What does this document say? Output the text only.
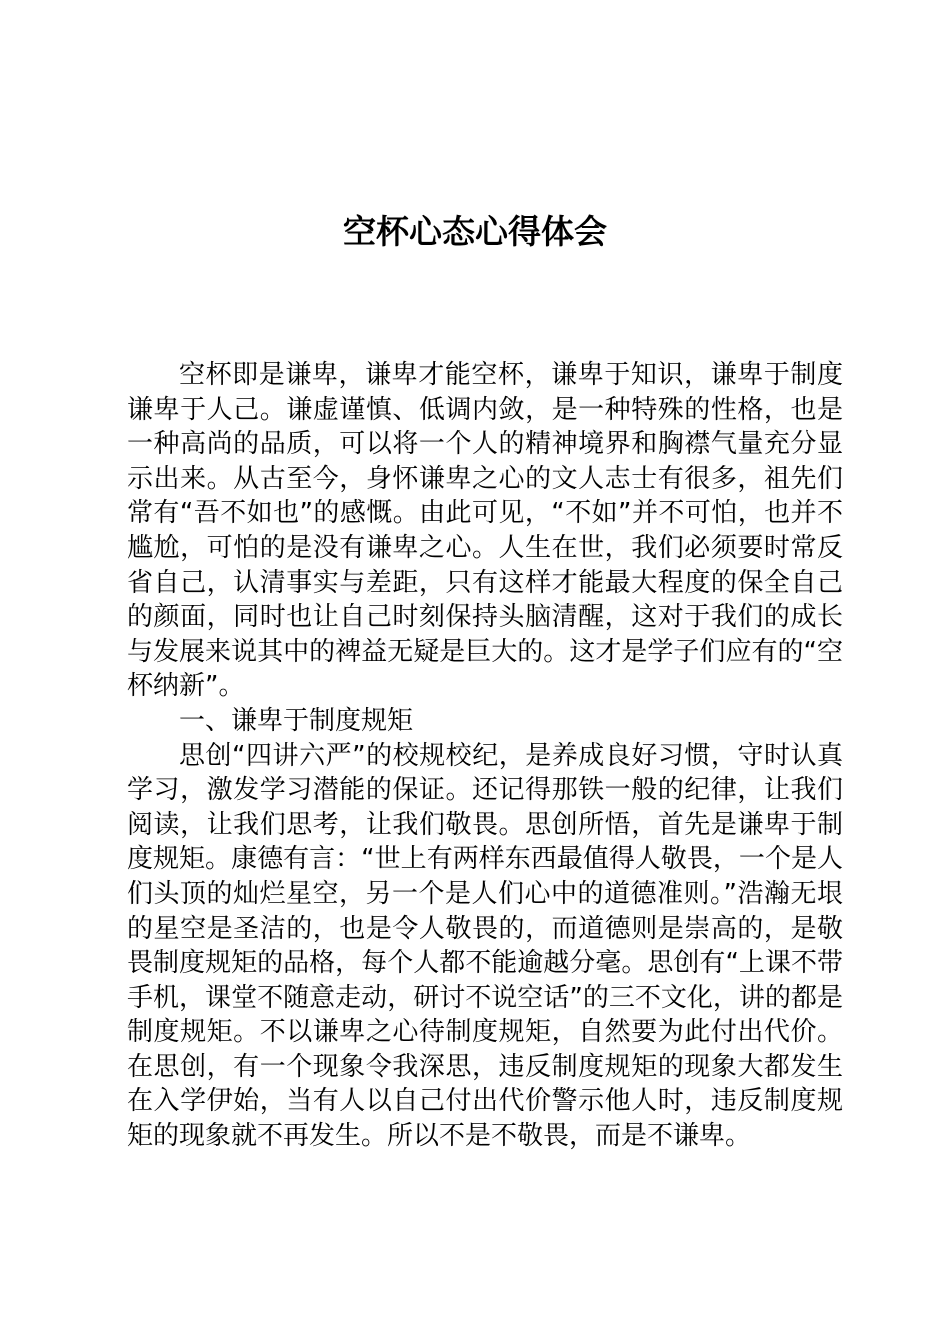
空杯心态心得体会

空杯即是谦卑，谦卑才能空杯，谦卑于知识，谦卑于制度谦卑于人己。谦虚谨慎、低调内敛，是一种特殊的性格，也是一种高尚的品质，可以将一个人的精神境界和胸襟气量充分显示出来。从古至今，身怀谦卑之心的文人志士有很多，祖先们常有“吾不如也”的感慨。由此可见，“不如”并不可怕，也并不尴尬，可怕的是没有谦卑之心。人生在世，我们必须要时常反省自己，认清事实与差距，只有这样才能最大程度的保全自己的颜面，同时也让自己时刻保持头脑清醒，这对于我们的成长与发展来说其中的裨益无疑是巨大的。这才是学子们应有的“空杯纳新”。

一、谦卑于制度规矩

思创“四讲六严”的校规校纪，是养成良好习惯，守时认真学习，激发学习潜能的保证。还记得那铁一般的纪律，让我们阅读，让我们思考，让我们敬畏。思创所悟，首先是谦卑于制度规矩。康德有言：“世上有两样东西最值得人敬畏，一个是人们头顶的灿烂星空，另一个是人们心中的道德准则。”浩瀚无垠的星空是圣洁的，也是令人敬畏的，而道德则是崇高的，是敬畏制度规矩的品格，每个人都不能逾越分毫。思创有“上课不带手机，课堂不随意走动，研讨不说空话”的三不文化，讲的都是制度规矩。不以谦卑之心待制度规矩，自然要为此付出代价。在思创，有一个现象令我深思，违反制度规矩的现象大都发生在入学伊始，当有人以自己付出代价警示他人时，违反制度规矩的现象就不再发生。所以不是不敬畏，而是不谦卑。
